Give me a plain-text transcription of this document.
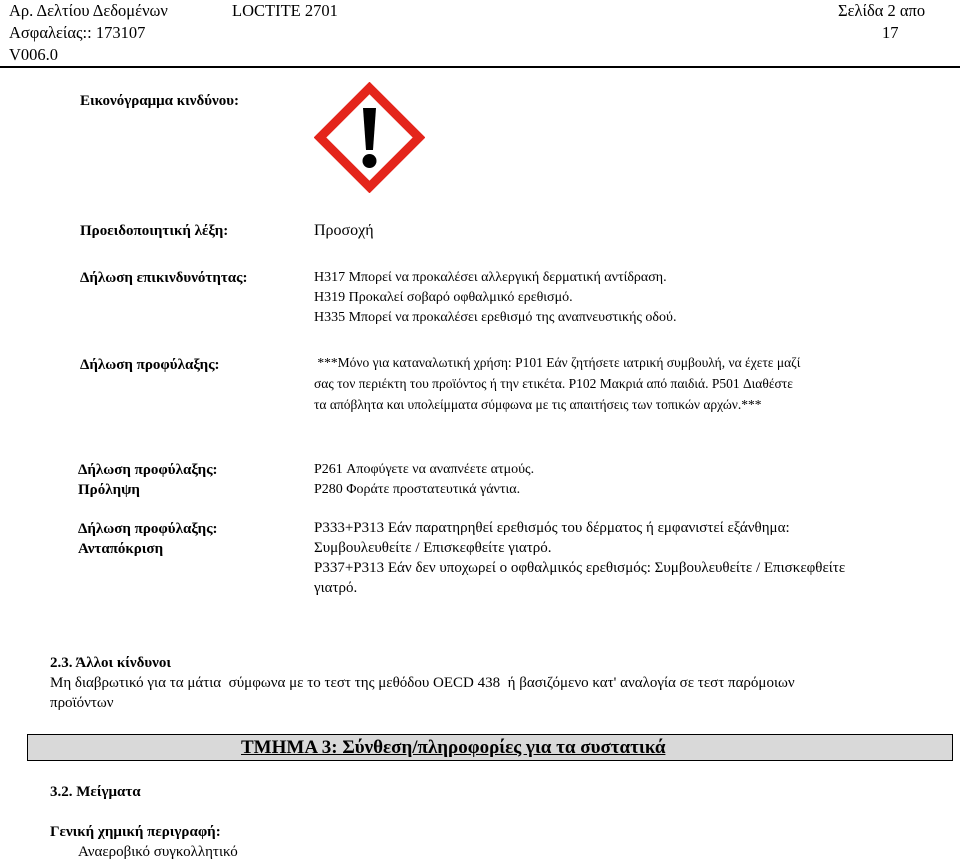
Αρ. Δελτίου Δεδομένων
Ασφαλείας:: 173107
V006.0
LOCTITE 2701	Σελίδα 2 απο
17
Εικονόγραμμα κινδύνου:
Προειδοποιητική λέξη:	Προσοχή
Δήλωση επικινδυνότητας:	H317 Μπορεί να προκαλέσει αλλεργική δερματική αντίδραση.
H319 Προκαλεί σοβαρό οφθαλμικό ερεθισμό.
H335 Μπορεί να προκαλέσει ερεθισμό της αναπνευστικής οδού.
Δήλωση προφύλαξης:	***Μόνο για καταναλωτική χρήση: P101 Εάν ζητήσετε ιατρική συμβουλή, να έχετε μαζί
σας τον περιέκτη του προϊόντος ή την ετικέτα. P102 Μακριά από παιδιά. P501 Διαθέστε
τα απόβλητα και υπολείμματα σύμφωνα με τις απαιτήσεις των τοπικών αρχών.***
Δήλωση προφύλαξης:
Πρόληψη
P261 Αποφύγετε να αναπνέετε ατμούς.
P280 Φοράτε προστατευτικά γάντια.
Δήλωση προφύλαξης:
Ανταπόκριση
P333+P313 Εάν παρατηρηθεί ερεθισμός του δέρματος ή εμφανιστεί εξάνθημα:
Συμβουλευθείτε / Επισκεφθείτε γιατρό.
P337+P313 Εάν δεν υποχωρεί ο οφθαλμικός ερεθισμός: Συμβουλευθείτε / Επισκεφθείτε
γιατρό.
2.3. Άλλοι κίνδυνοι
Μη διαβρωτικό για τα μάτια  σύμφωνα με το τεστ της μεθόδου OECD 438  ή βασιζόμενο κατ' αναλογία σε τεστ παρόμοιων
προϊόντων
ΤΜΗΜΑ 3: Σύνθεση/πληροφορίες για τα συστατικά
3.2. Μείγματα
Γενική χημική περιγραφή:
Αναεροβικό συγκολλητικό
